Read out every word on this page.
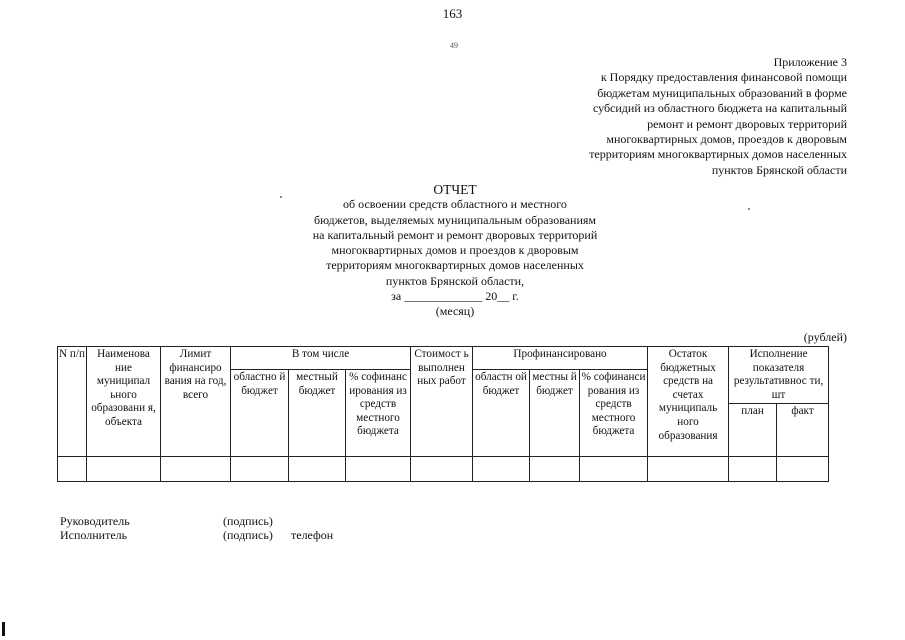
163
49
Приложение 3
к Порядку предоставления финансовой помощи
бюджетам муниципальных образований в форме
субсидий из областного бюджета на капитальный
ремонт и ремонт дворовых территорий
многоквартирных домов, проездов к дворовым
территориям многоквартирных домов населенных
пунктов Брянской области
ОТЧЕТ
об освоении средств областного и местного
бюджетов, выделяемых муниципальным образованиям
на капитальный ремонт и ремонт дворовых территорий
многоквартирных домов и проездов к дворовым
территориям многоквартирных домов населенных
пунктов Брянской области,
за _____________ 20__ г.
(месяц)
(рублей)
N п/п	Наименова ние муниципал ьного образовани я, объекта	Лимит финансиро вания на год, всего	В том числе			Стоимост ь выполнен ных работ	Профинансировано			Остаток бюджетных средств на счетах муниципаль ного образования	Исполнение показателя результативнос ти, шт	
			областно й бюджет	местный бюджет	% софинанс ирования из средств местного бюджета		областн ой бюджет	местны й бюджет	% софинанси рования из средств местного бюджета			
											план	факт

Руководитель	(подпись)
Исполнитель	(подпись) телефон
